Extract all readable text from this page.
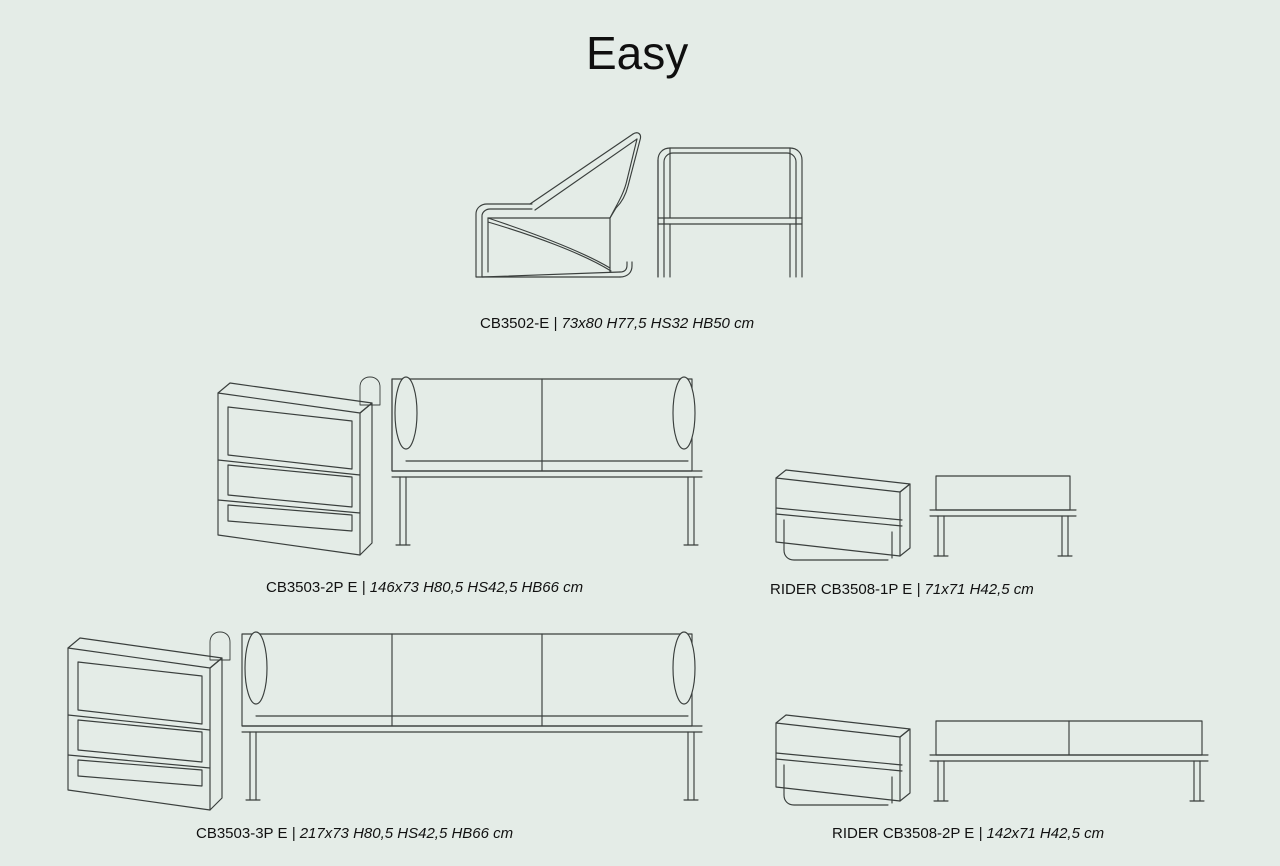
Easy
CB3502-E | 73x80 H77,5 HS32 HB50 cm
CB3503-2P E | 146x73 H80,5 HS42,5 HB66 cm	RIDER CB3508-1P E | 71x71 H42,5 cm
CB3503-3P E | 217x73 H80,5 HS42,5 HB66 cm	RIDER CB3508-2P E | 142x71 H42,5 cm
